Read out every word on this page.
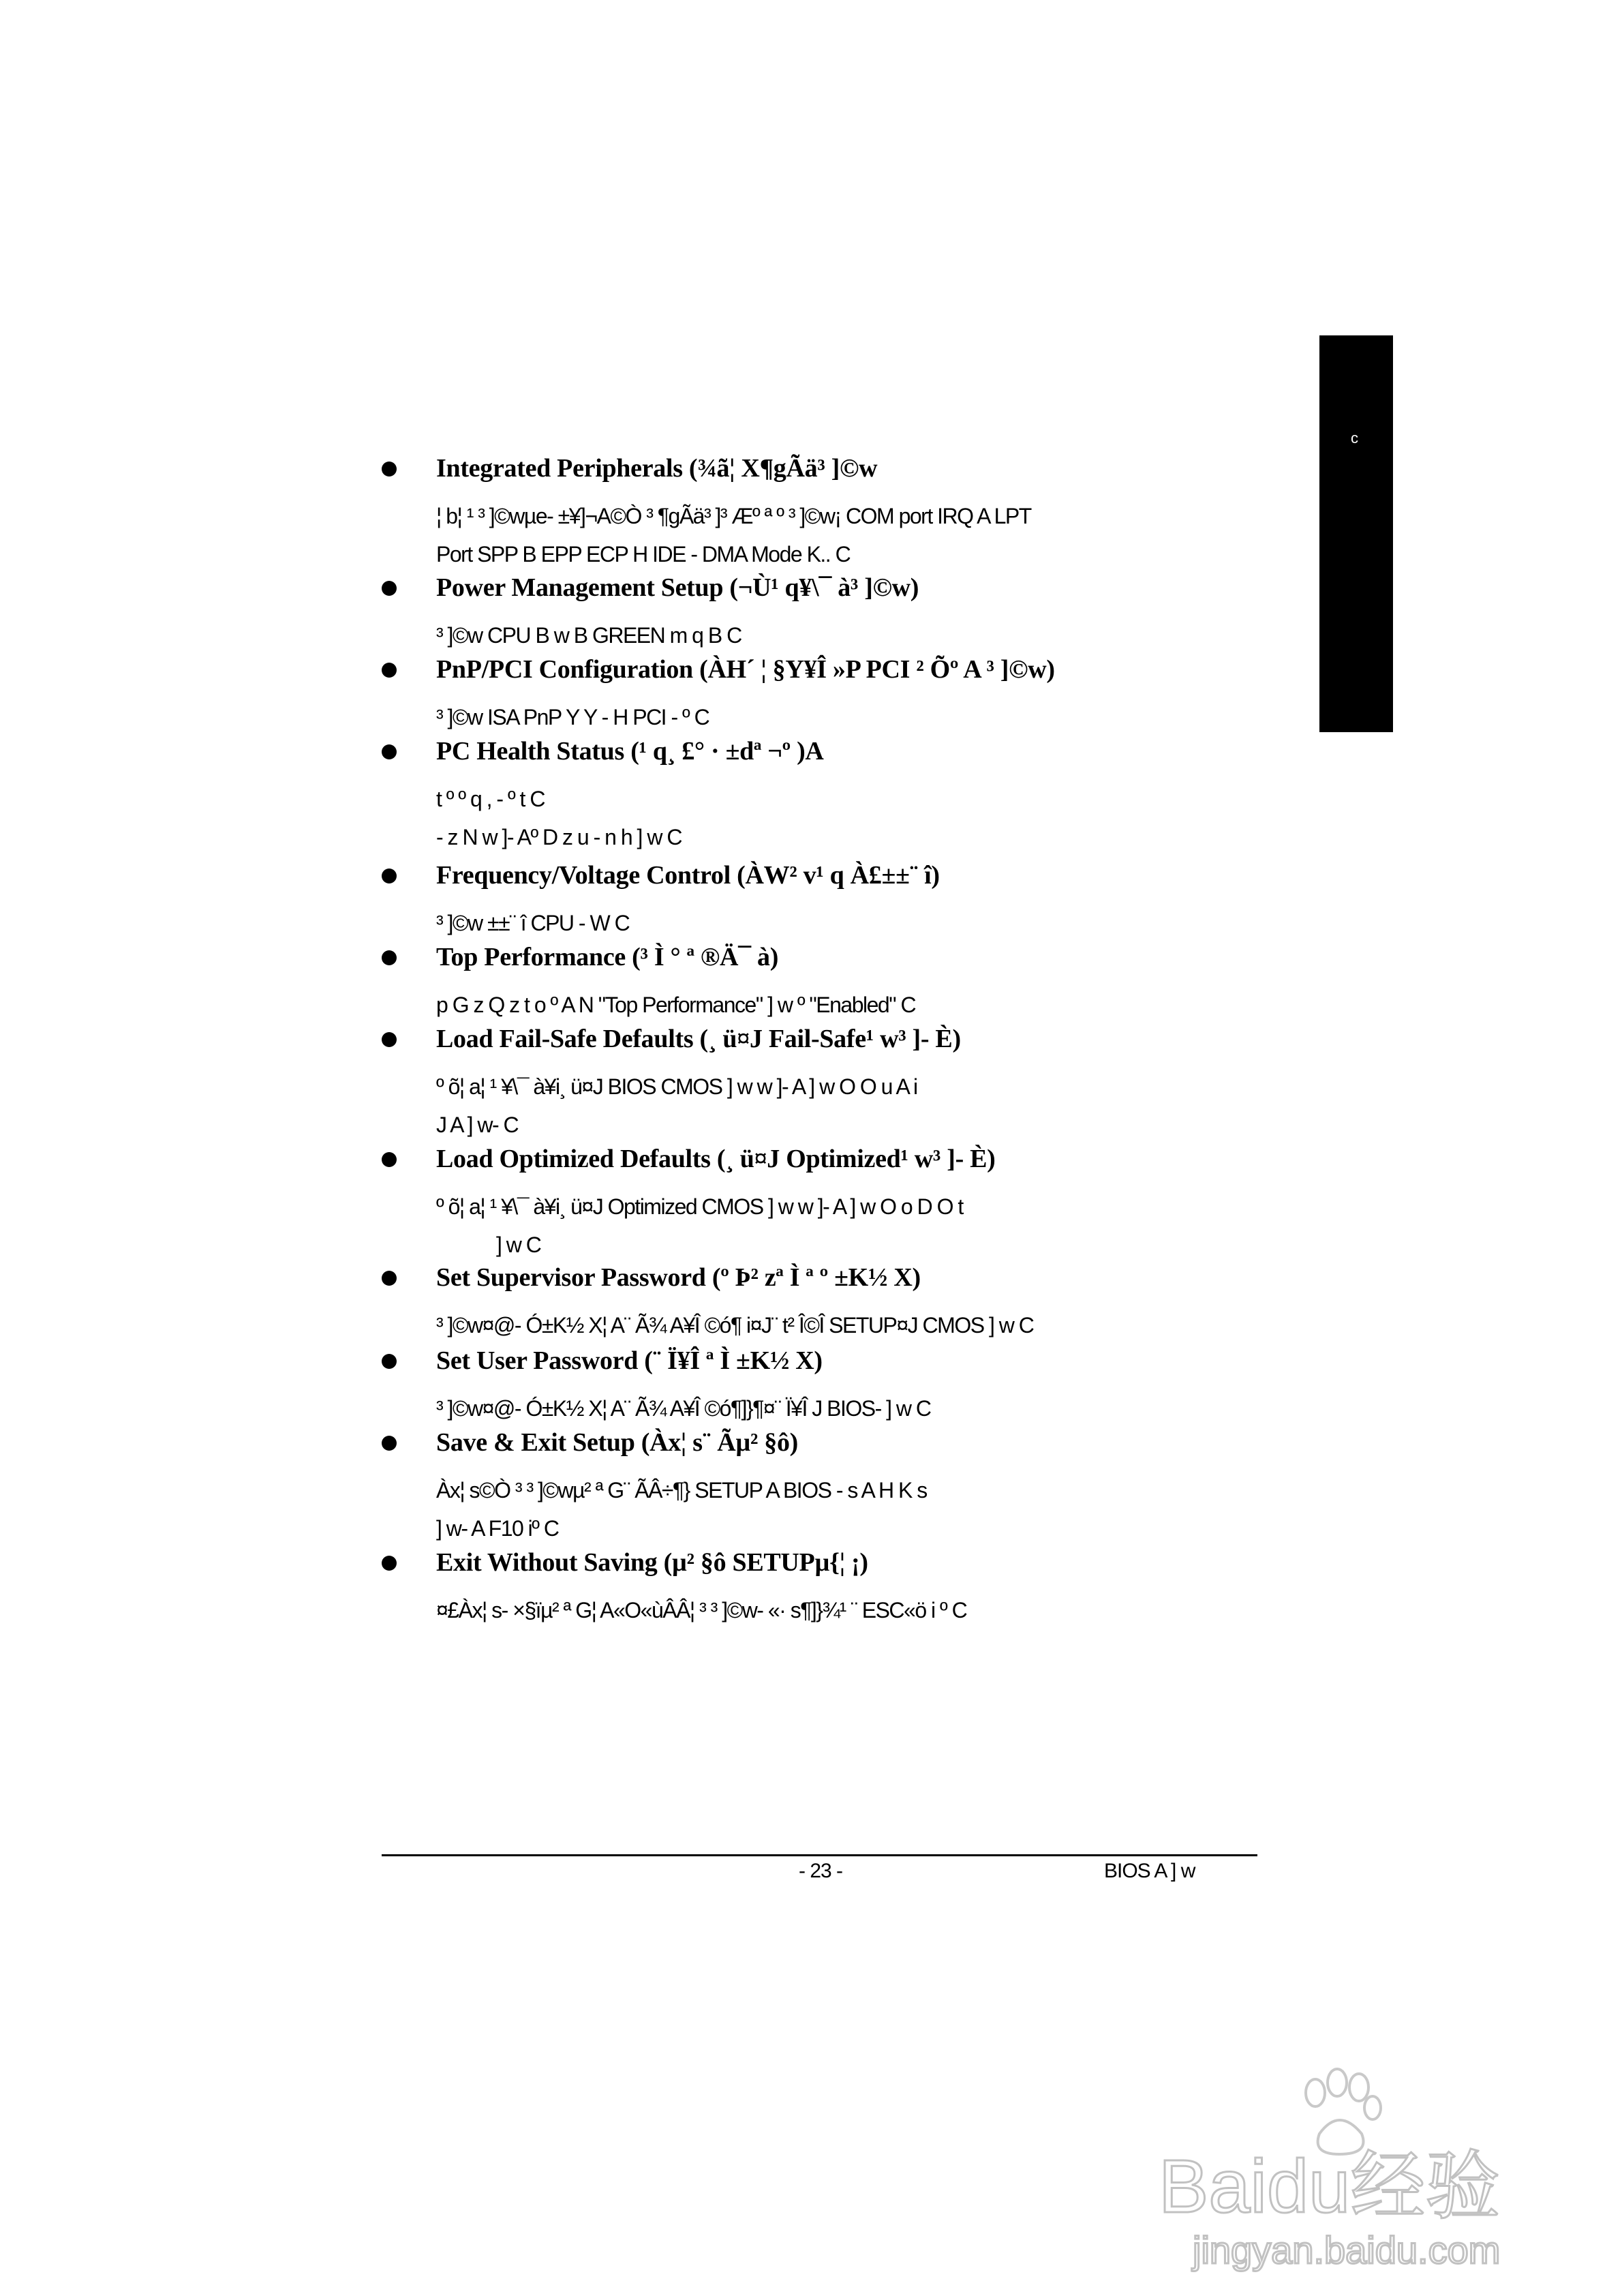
c
Integrated Peripherals (¾ã¦ X¶gÃä³ ]©w
¦ b¦ ¹ ³ ]©wµe- ±¥]¬A©Ò ³ ¶gÃä³ ]³ Æº ª º ³ ]©w¡ COM port IRQ A LPT
Port SPP B EPP ECP H IDE - DMA Mode K.. C
Power Management Setup (¬Ù¹ q¥\¯ à³ ]©w)
³ ]©w CPU B w B GREEN m q B C
PnP/PCI Configuration (ÀH´ ¦ §Y¥Î »P PCI ² Õº A ³ ]©w)
³ ]©w ISA PnP Y Y - H PCI - º C
PC Health Status (¹ q¸ £° · ±dª ¬º )A
t º º q , - º t C
- z N w ]- Aº D z u - n h ] w C
Frequency/Voltage Control (ÀW² v¹ q À£±±¨ î)
³ ]©w ±±¨ î CPU - W C
Top Performance (³ Ì ° ª ®Ä¯ à)
p G z Q z t o º A N "Top Performance" ] w º "Enabled" C
Load Fail-Safe Defaults (¸ ü¤J Fail-Safe¹ w³ ]- È)
º õ¦ a¦ ¹ ¥\¯ à¥i¸ ü¤J BIOS CMOS ] w w ]- A ] w O O u A i
J A ] w- C
Load Optimized Defaults (¸ ü¤J Optimized¹ w³ ]- È)
º õ¦ a¦ ¹ ¥\¯ à¥i¸ ü¤J Optimized CMOS ] w w ]- A ] w O o D O t
] w C
Set Supervisor Password (º Þ² zª Ì ª º ±K½ X)
³ ]©w¤@- Ó±K½ X¦ A¨ Ã¾ A¥Î ©ó¶ i¤J¨ t² Î©Î SETUP¤J CMOS ] w C
Set User Password (¨ Ï¥Î ª Ì ±K½ X)
³ ]©w¤@- Ó±K½ X¦ A¨ Ã¾ A¥Î ©ó¶]}¶¤¨ Ï¥Î J BIOS- ] w C
Save & Exit Setup (Àx¦ s¨ Ãµ² §ô)
Àx¦ s©Ò ³ ³ ]©wµ² ª G¨ ÃÂ÷¶} SETUP A BIOS - s A H K s
] w- A F10 iº C
Exit Without Saving (µ² §ô SETUPµ{¦ ¡)
¤£Àx¦ s- ×§ïµ² ª G¦ A«O«ùÂÂ¦ ³ ³ ]©w- «· s¶]}¾¹ ¨ ESC«ö i º C
- 23 -	BIOS A ] w
Baidu经验
jingyan.baidu.com
